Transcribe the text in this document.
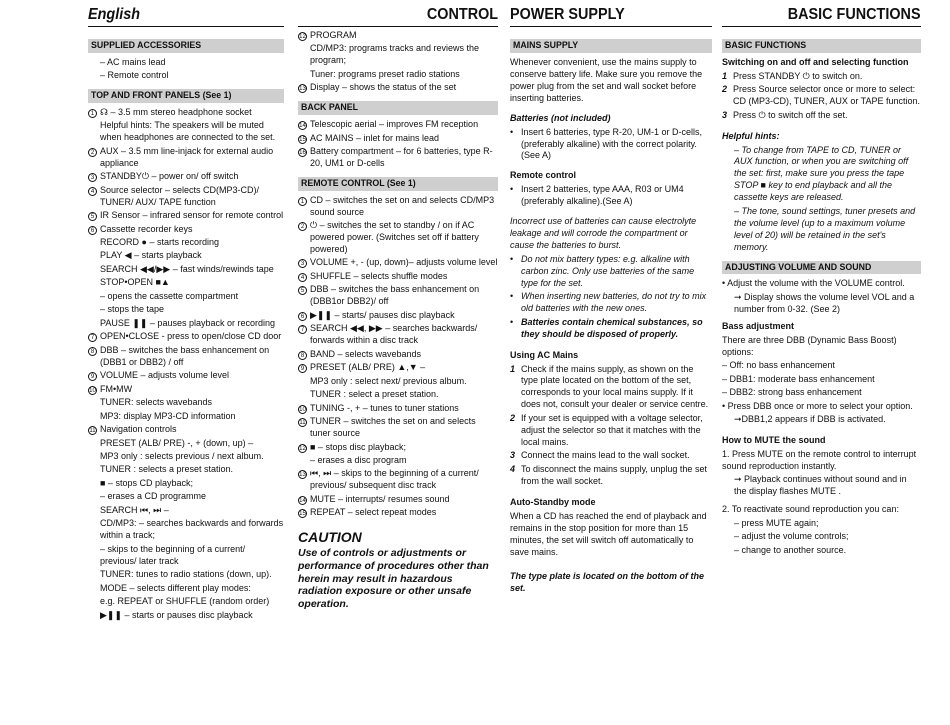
English
SUPPLIED ACCESSORIES
– AC mains lead
– Remote control
TOP AND FRONT PANELS (See 1)
1 ☊ – 3.5 mm stereo headphone socket
Helpful hints: The speakers will be muted when headphones are connected to the set.
2 AUX – 3.5 mm line-injack for external audio appliance
3 STANDBY⏻ – power on/ off switch
4 Source selector – selects CD(MP3-CD)/ TUNER/ AUX/ TAPE function
5 IR Sensor – infrared sensor for remote control
6 Cassette recorder keys
RECORD ● – starts recording
PLAY ◀ – starts playback
SEARCH ◀◀/▶▶ – fast winds/rewinds tape
STOP•OPEN ■▲
– opens the cassette compartment
– stops the tape
PAUSE ❚❚ – pauses playback or recording
7 OPEN•CLOSE - press to open/close CD door
8 DBB – switches the bass enhancement on (DBB1 or DBB2) / off
9 VOLUME – adjusts volume level
10 FM•MW
TUNER: selects wavebands
MP3: display MP3-CD information
11 Navigation controls
PRESET (ALB/ PRE) -, + (down, up) –
MP3 only : selects previous / next album.
TUNER : selects a preset station.
■ – stops CD playback;
– erases a CD programme
SEARCH ⏮, ⏭ –
CD/MP3: – searches backwards and forwards within a track;
– skips to the beginning of a current/ previous/ later track
TUNER: tunes to radio stations (down, up).
MODE – selects different play modes:
e.g. REPEAT or SHUFFLE (random order)
▶❚❚ – starts or pauses disc playback
CONTROL
12 PROGRAM
CD/MP3: programs tracks and reviews the program;
Tuner: programs preset radio stations
13 Display – shows the status of the set
BACK PANEL
14 Telescopic aerial – improves FM reception
15 AC MAINS – inlet for mains lead
16 Battery compartment – for 6 batteries, type R-20, UM1 or D-cells
REMOTE CONTROL (See 1)
1 CD – switches the set on and selects CD/MP3 sound source
2 ⏻ – switches the set to standby / on if AC powered power. (Switches set off if battery powered)
3 VOLUME +, - (up, down)– adjusts volume level
4 SHUFFLE – selects shuffle modes
5 DBB – switches the bass enhancement on (DBB1or DBB2)/ off
6 ▶❚❚ – starts/ pauses disc playback
7 SEARCH ◀◀, ▶▶ – searches backwards/ forwards within a disc track
8 BAND – selects wavebands
9 PRESET (ALB/ PRE) ▲,▼ –
MP3 only : select next/ previous album.
TUNER : select a preset station.
10 TUNING -, + – tunes to tuner stations
11 TUNER – switches the set on and selects tuner source
12 ■ – stops disc playback;
– erases a disc program
13 ⏮, ⏭ – skips to the beginning of a current/ previous/ subsequent disc track
14 MUTE – interrupts/ resumes sound
15 REPEAT – select repeat modes
CAUTION
Use of controls or adjustments or performance of procedures other than herein may result in hazardous radiation exposure or other unsafe operation.
POWER SUPPLY
MAINS SUPPLY
Whenever convenient, use the mains supply to conserve battery life. Make sure you remove the power plug from the set and wall socket before inserting batteries.
Batteries (not included)
• Insert 6 batteries, type R-20, UM-1 or D-cells, (preferably alkaline) with the correct polarity. (See A)
Remote control
• Insert 2 batteries, type AAA, R03 or UM4 (preferably alkaline).(See A)
Incorrect use of batteries can cause electrolyte leakage and will corrode the compartment or cause the batteries to burst.
• Do not mix battery types: e.g. alkaline with carbon zinc. Only use batteries of the same type for the set.
• When inserting new batteries, do not try to mix old batteries with the new ones.
• Batteries contain chemical substances, so they should be disposed of properly.
Using AC Mains
1 Check if the mains supply, as shown on the type plate located on the bottom of the set, corresponds to your local mains supply. If it does not, consult your dealer or service centre.
2 If your set is equipped with a voltage selector, adjust the selector so that it matches with the local mains.
3 Connect the mains lead to the wall socket.
4 To disconnect the mains supply, unplug the set from the wall socket.
Auto-Standby mode
When a CD has reached the end of playback and remains in the stop position for more than 15 minutes, the set will switch off automatically to save mains.
The type plate is located on the bottom of the set.
BASIC FUNCTIONS
BASIC FUNCTIONS
Switching on and off and selecting function
1 Press STANDBY ⏻ to switch on.
2 Press Source selector once or more to select: CD (MP3-CD), TUNER, AUX or TAPE function.
3 Press ⏻ to switch off the set.
Helpful hints:
– To change from TAPE to CD, TUNER or AUX function, or when you are switching off the set: first, make sure you press the tape STOP ■ key to end playback and all the cassette keys are released.
– The tone, sound settings, tuner presets and the volume level (up to a maximum volume level of 20) will be retained in the set's memory.
ADJUSTING VOLUME AND SOUND
• Adjust the volume with the VOLUME control.
➞ Display shows the volume level VOL and a number from 0-32. (See 2)
Bass adjustment
There are three DBB (Dynamic Bass Boost) options:
– Off: no bass enhancement
– DBB1: moderate bass enhancement
– DBB2: strong bass enhancement
• Press DBB once or more to select your option.
➞DBB1,2 appears if DBB is activated.
How to MUTE the sound
1. Press MUTE on the remote control to interrupt sound reproduction instantly.
➞ Playback continues without sound and in the display flashes MUTE .
2. To reactivate sound reproduction you can:
– press MUTE again;
– adjust the volume controls;
– change to another source.
